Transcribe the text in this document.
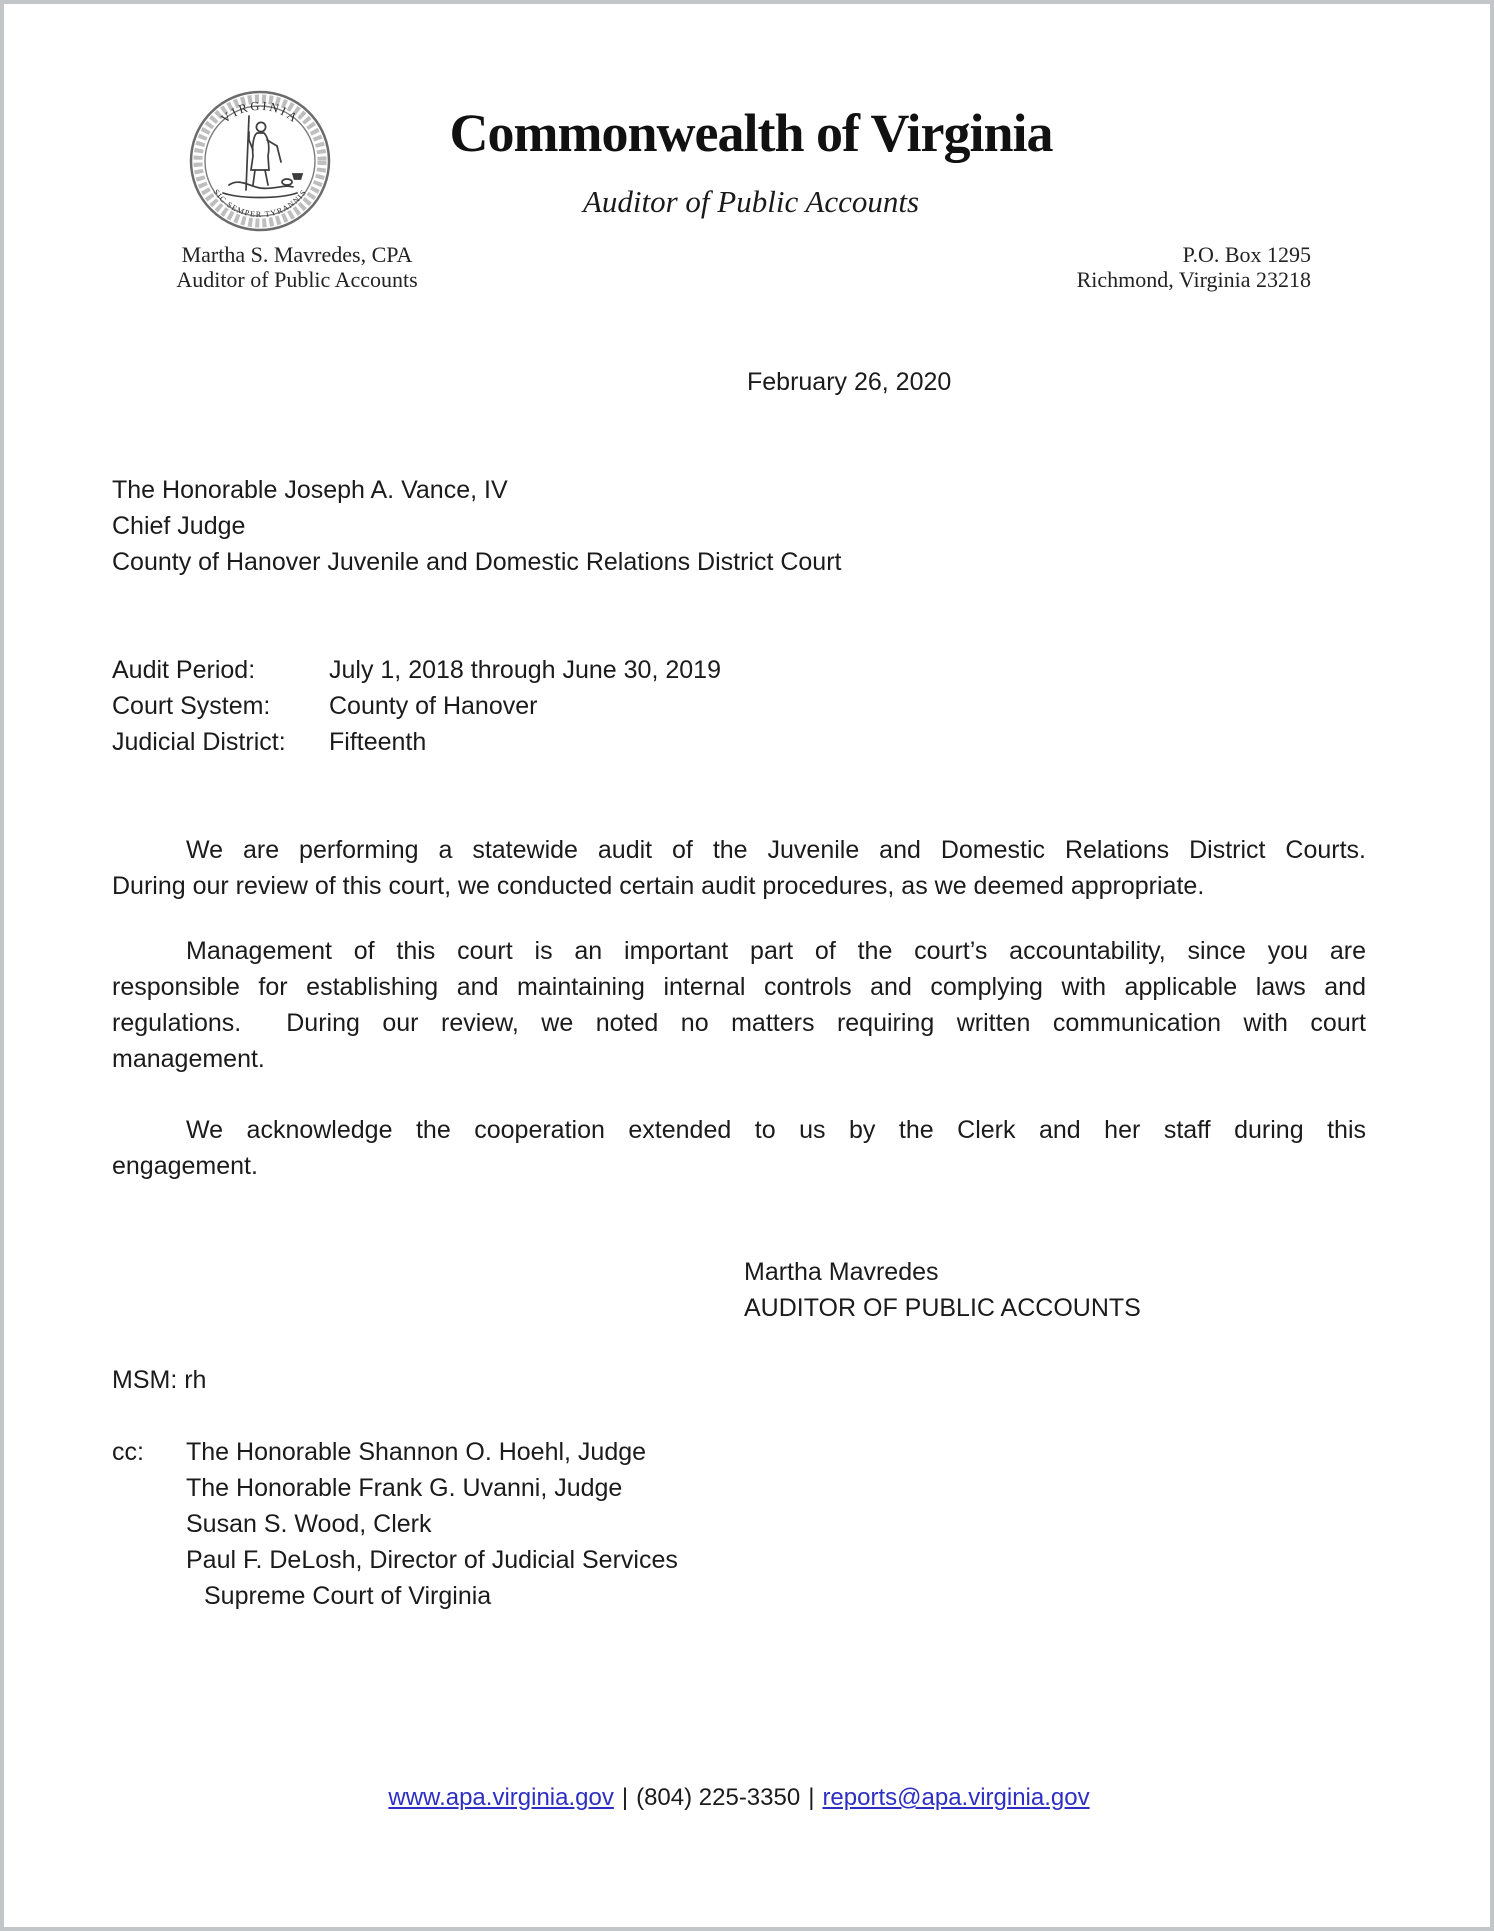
VIRGINIA
SIC SEMPER TYRANNIS
Martha S. Mavredes, CPA
Auditor of Public Accounts
Commonwealth of Virginia
Auditor of Public Accounts
P.O. Box 1295
Richmond, Virginia 23218
February 26, 2020
The Honorable Joseph A. Vance, IV
Chief Judge
County of Hanover Juvenile and Domestic Relations District Court
Audit Period:	July 1, 2018 through June 30, 2019
Court System: County of Hanover
Judicial District: Fifteenth
We are performing a statewide audit of the Juvenile and Domestic Relations District Courts.
During our review of this court, we conducted certain audit procedures, as we deemed appropriate.
Management of this court is an important part of the court’s accountability, since you are
responsible for establishing and maintaining internal controls and complying with applicable laws and
regulations.  During our review, we noted no matters requiring written communication with court
management.
We acknowledge the cooperation extended to us by the Clerk and her staff during this
engagement.
Martha Mavredes
AUDITOR OF PUBLIC ACCOUNTS
MSM: rh
cc:	The Honorable Shannon O. Hoehl, Judge
The Honorable Frank G. Uvanni, Judge
Susan S. Wood, Clerk
Paul F. DeLosh, Director of Judicial Services
Supreme Court of Virginia
www.apa.virginia.gov | (804) 225-3350 | reports@apa.virginia.gov
